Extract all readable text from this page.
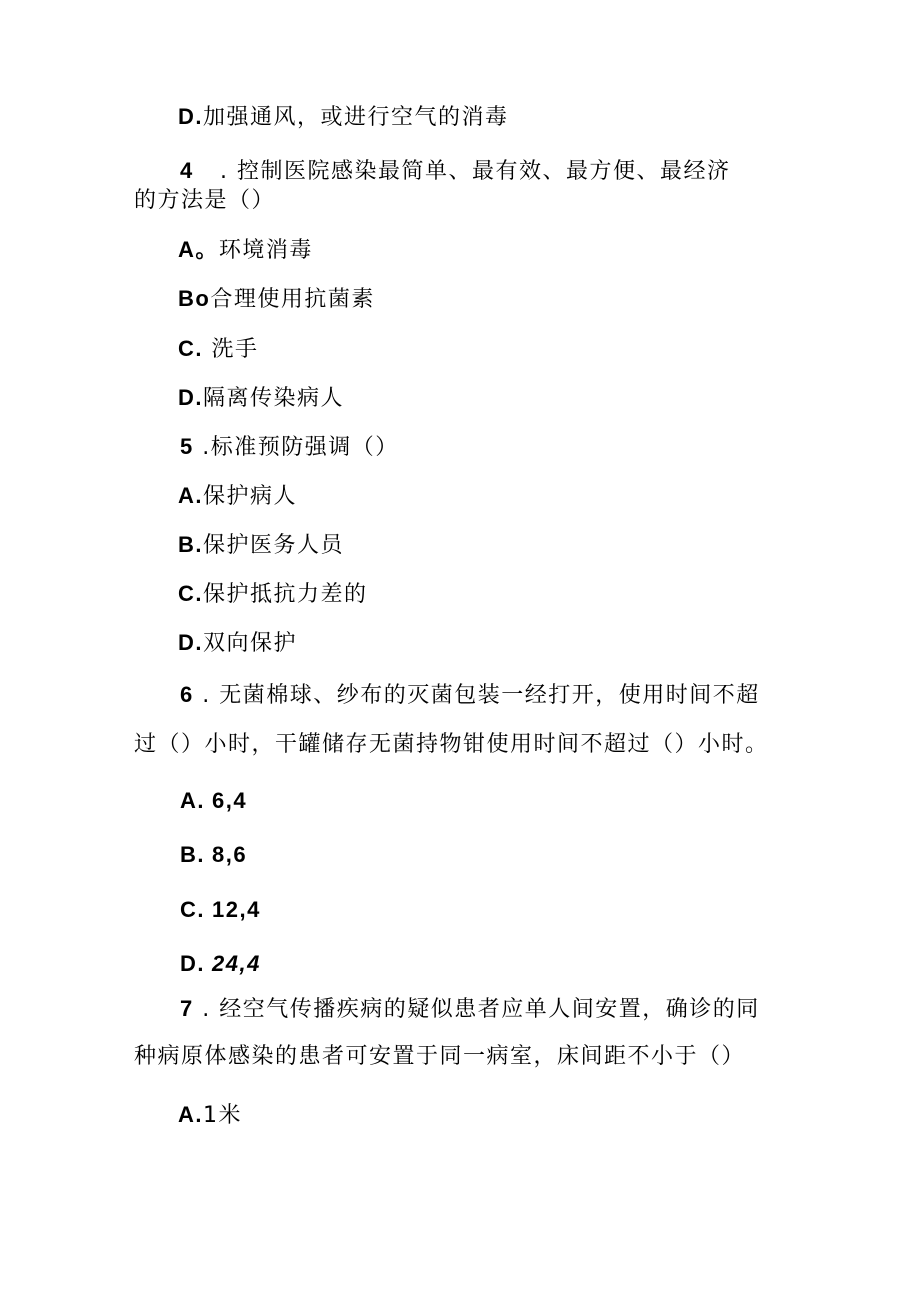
D.加强通风，或进行空气的消毒
4 . 控制医院感染最简单、最有效、最方便、最经济
的方法是（）
A。环境消毒
Bo合理使用抗菌素
C. 洗手
D.隔离传染病人
5 .标准预防强调（）
A.保护病人
B.保护医务人员
C.保护抵抗力差的
D.双向保护
6 . 无菌棉球、纱布的灭菌包装一经打开，使用时间不超
过（）小时，干罐储存无菌持物钳使用时间不超过（）小时。
A. 6,4
B. 8,6
C. 12,4
D. 24,4
7 . 经空气传播疾病的疑似患者应单人间安置，确诊的同
种病原体感染的患者可安置于同一病室，床间距不小于（）
A.1米
